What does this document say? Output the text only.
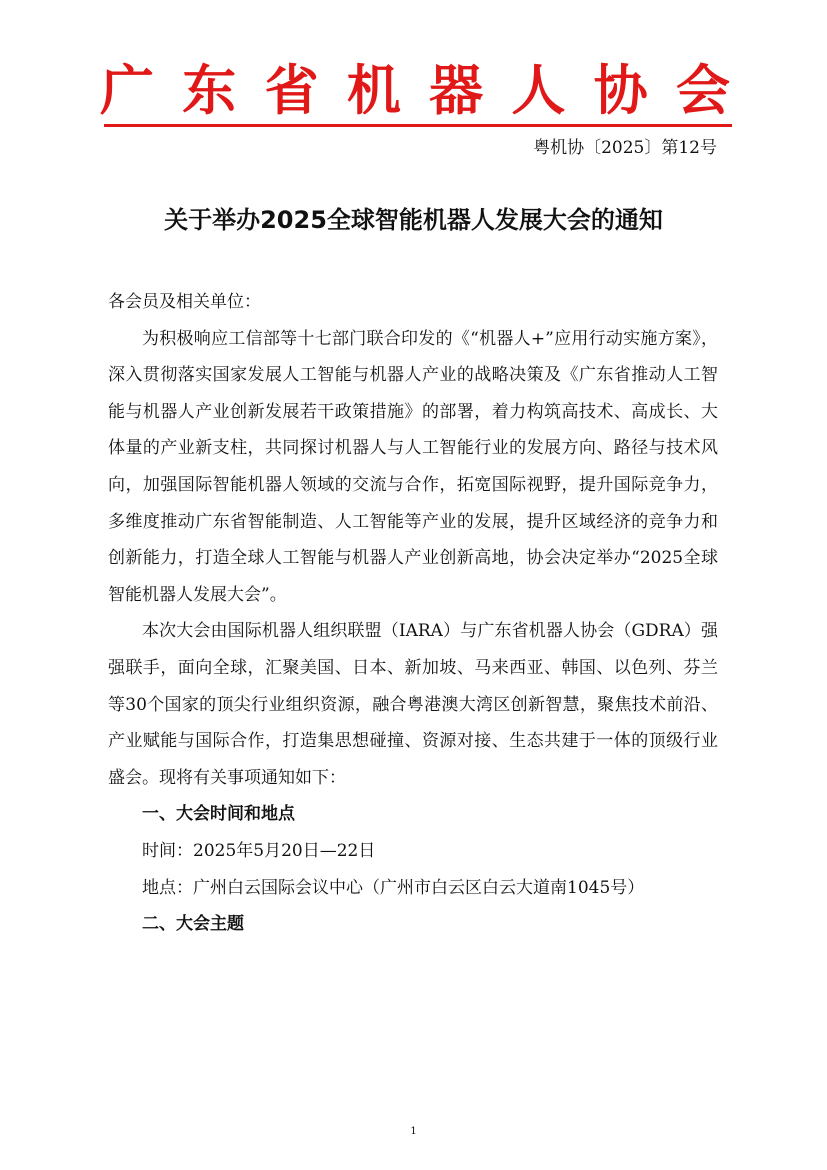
广 东 省 机 器 人 协 会
粤机协〔2025〕第12号
关于举办2025全球智能机器人发展大会的通知

各会员及相关单位：

为积极响应工信部等十七部门联合印发的《“机器人+”应用行动实施方案》，深入贯彻落实国家发展人工智能与机器人产业的战略决策及《广东省推动人工智能与机器人产业创新发展若干政策措施》的部署，着力构筑高技术、高成长、大体量的产业新支柱，共同探讨机器人与人工智能行业的发展方向、路径与技术风向，加强国际智能机器人领域的交流与合作，拓宽国际视野，提升国际竞争力，多维度推动广东省智能制造、人工智能等产业的发展，提升区域经济的竞争力和创新能力，打造全球人工智能与机器人产业创新高地，协会决定举办“2025全球智能机器人发展大会”。

本次大会由国际机器人组织联盟（IARA）与广东省机器人协会（GDRA）强强联手，面向全球，汇聚美国、日本、新加坡、马来西亚、韩国、以色列、芬兰等30个国家的顶尖行业组织资源，融合粤港澳大湾区创新智慧，聚焦技术前沿、产业赋能与国际合作，打造集思想碰撞、资源对接、生态共建于一体的顶级行业盛会。现将有关事项通知如下：

一、大会时间和地点

时间：2025年5月20日—22日

地点：广州白云国际会议中心（广州市白云区白云大道南1045号）

二、大会主题

1
